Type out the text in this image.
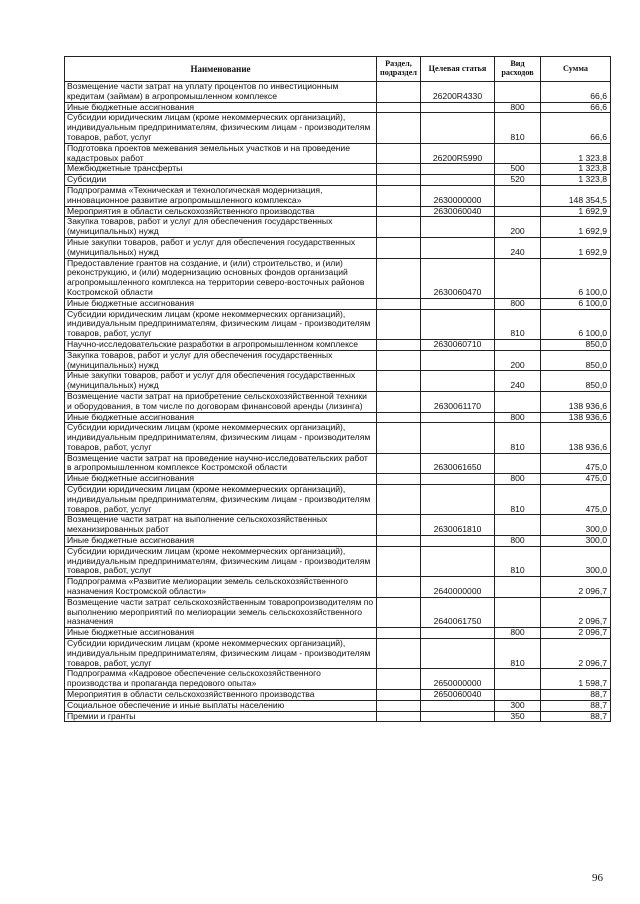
Наименование	Раздел, подраздел	Целевая статья	Вид расходов	Сумма
Возмещение части затрат на уплату процентов по инвестиционным кредитам (займам) в агропромышленном комплексе		26200R4330		66,6
Иные бюджетные ассигнования			800	66,6
Субсидии юридическим лицам (кроме некоммерческих организаций), индивидуальным предпринимателям, физическим лицам - производителям товаров, работ, услуг			810	66,6
Подготовка проектов межевания земельных участков и на проведение кадастровых работ		26200R5990		1 323,8
Межбюджетные трансферты			500	1 323,8
Субсидии			520	1 323,8
Подпрограмма «Техническая и технологическая модернизация, инновационное развитие агропромышленного комплекса»		2630000000		148 354,5
Мероприятия в области сельскохозяйственного производства		2630060040		1 692,9
Закупка товаров, работ и услуг для обеспечения государственных (муниципальных) нужд			200	1 692,9
Иные закупки товаров, работ и услуг для обеспечения государственных (муниципальных) нужд			240	1 692,9
Предоставление грантов на создание, и (или) строительство, и (или) реконструкцию, и (или) модернизацию основных фондов организаций агропромышленного комплекса на территории северо-восточных районов Костромской области		2630060470		6 100,0
Иные бюджетные ассигнования			800	6 100,0
Субсидии юридическим лицам (кроме некоммерческих организаций), индивидуальным предпринимателям, физическим лицам - производителям товаров, работ, услуг			810	6 100,0
Научно-исследовательские разработки в агропромышленном комплексе		2630060710		850,0
Закупка товаров, работ и услуг для обеспечения государственных (муниципальных) нужд			200	850,0
Иные закупки товаров, работ и услуг для обеспечения государственных (муниципальных) нужд			240	850,0
Возмещение части затрат на приобретение сельскохозяйственной техники и оборудования, в том числе по договорам финансовой аренды (лизинга)		2630061170		138 936,6
Иные бюджетные ассигнования			800	138 936,6
Субсидии юридическим лицам (кроме некоммерческих организаций), индивидуальным предпринимателям, физическим лицам - производителям товаров, работ, услуг			810	138 936,6
Возмещение части затрат на проведение научно-исследовательских работ в агропромышленном комплексе Костромской области		2630061650		475,0
Иные бюджетные ассигнования			800	475,0
Субсидии юридическим лицам (кроме некоммерческих организаций), индивидуальным предпринимателям, физическим лицам - производителям товаров, работ, услуг			810	475,0
Возмещение части затрат на выполнение сельскохозяйственных механизированных работ		2630061810		300,0
Иные бюджетные ассигнования			800	300,0
Субсидии юридическим лицам (кроме некоммерческих организаций), индивидуальным предпринимателям, физическим лицам - производителям товаров, работ, услуг			810	300,0
Подпрограмма «Развитие мелиорации земель сельскохозяйственного назначения Костромской области»		2640000000		2 096,7
Возмещение части затрат сельскохозяйственным товаропроизводителям по выполнению мероприятий по мелиорации земель сельскохозяйственного назначения		2640061750		2 096,7
Иные бюджетные ассигнования			800	2 096,7
Субсидии юридическим лицам (кроме некоммерческих организаций), индивидуальным предпринимателям, физическим лицам - производителям товаров, работ, услуг			810	2 096,7
Подпрограмма «Кадровое обеспечение сельскохозяйственного производства и пропаганда передового опыта»		2650000000		1 598,7
Мероприятия в области сельскохозяйственного производства		2650060040		88,7
Социальное обеспечение и иные выплаты населению			300	88,7
Премии и гранты			350	88,7
96
